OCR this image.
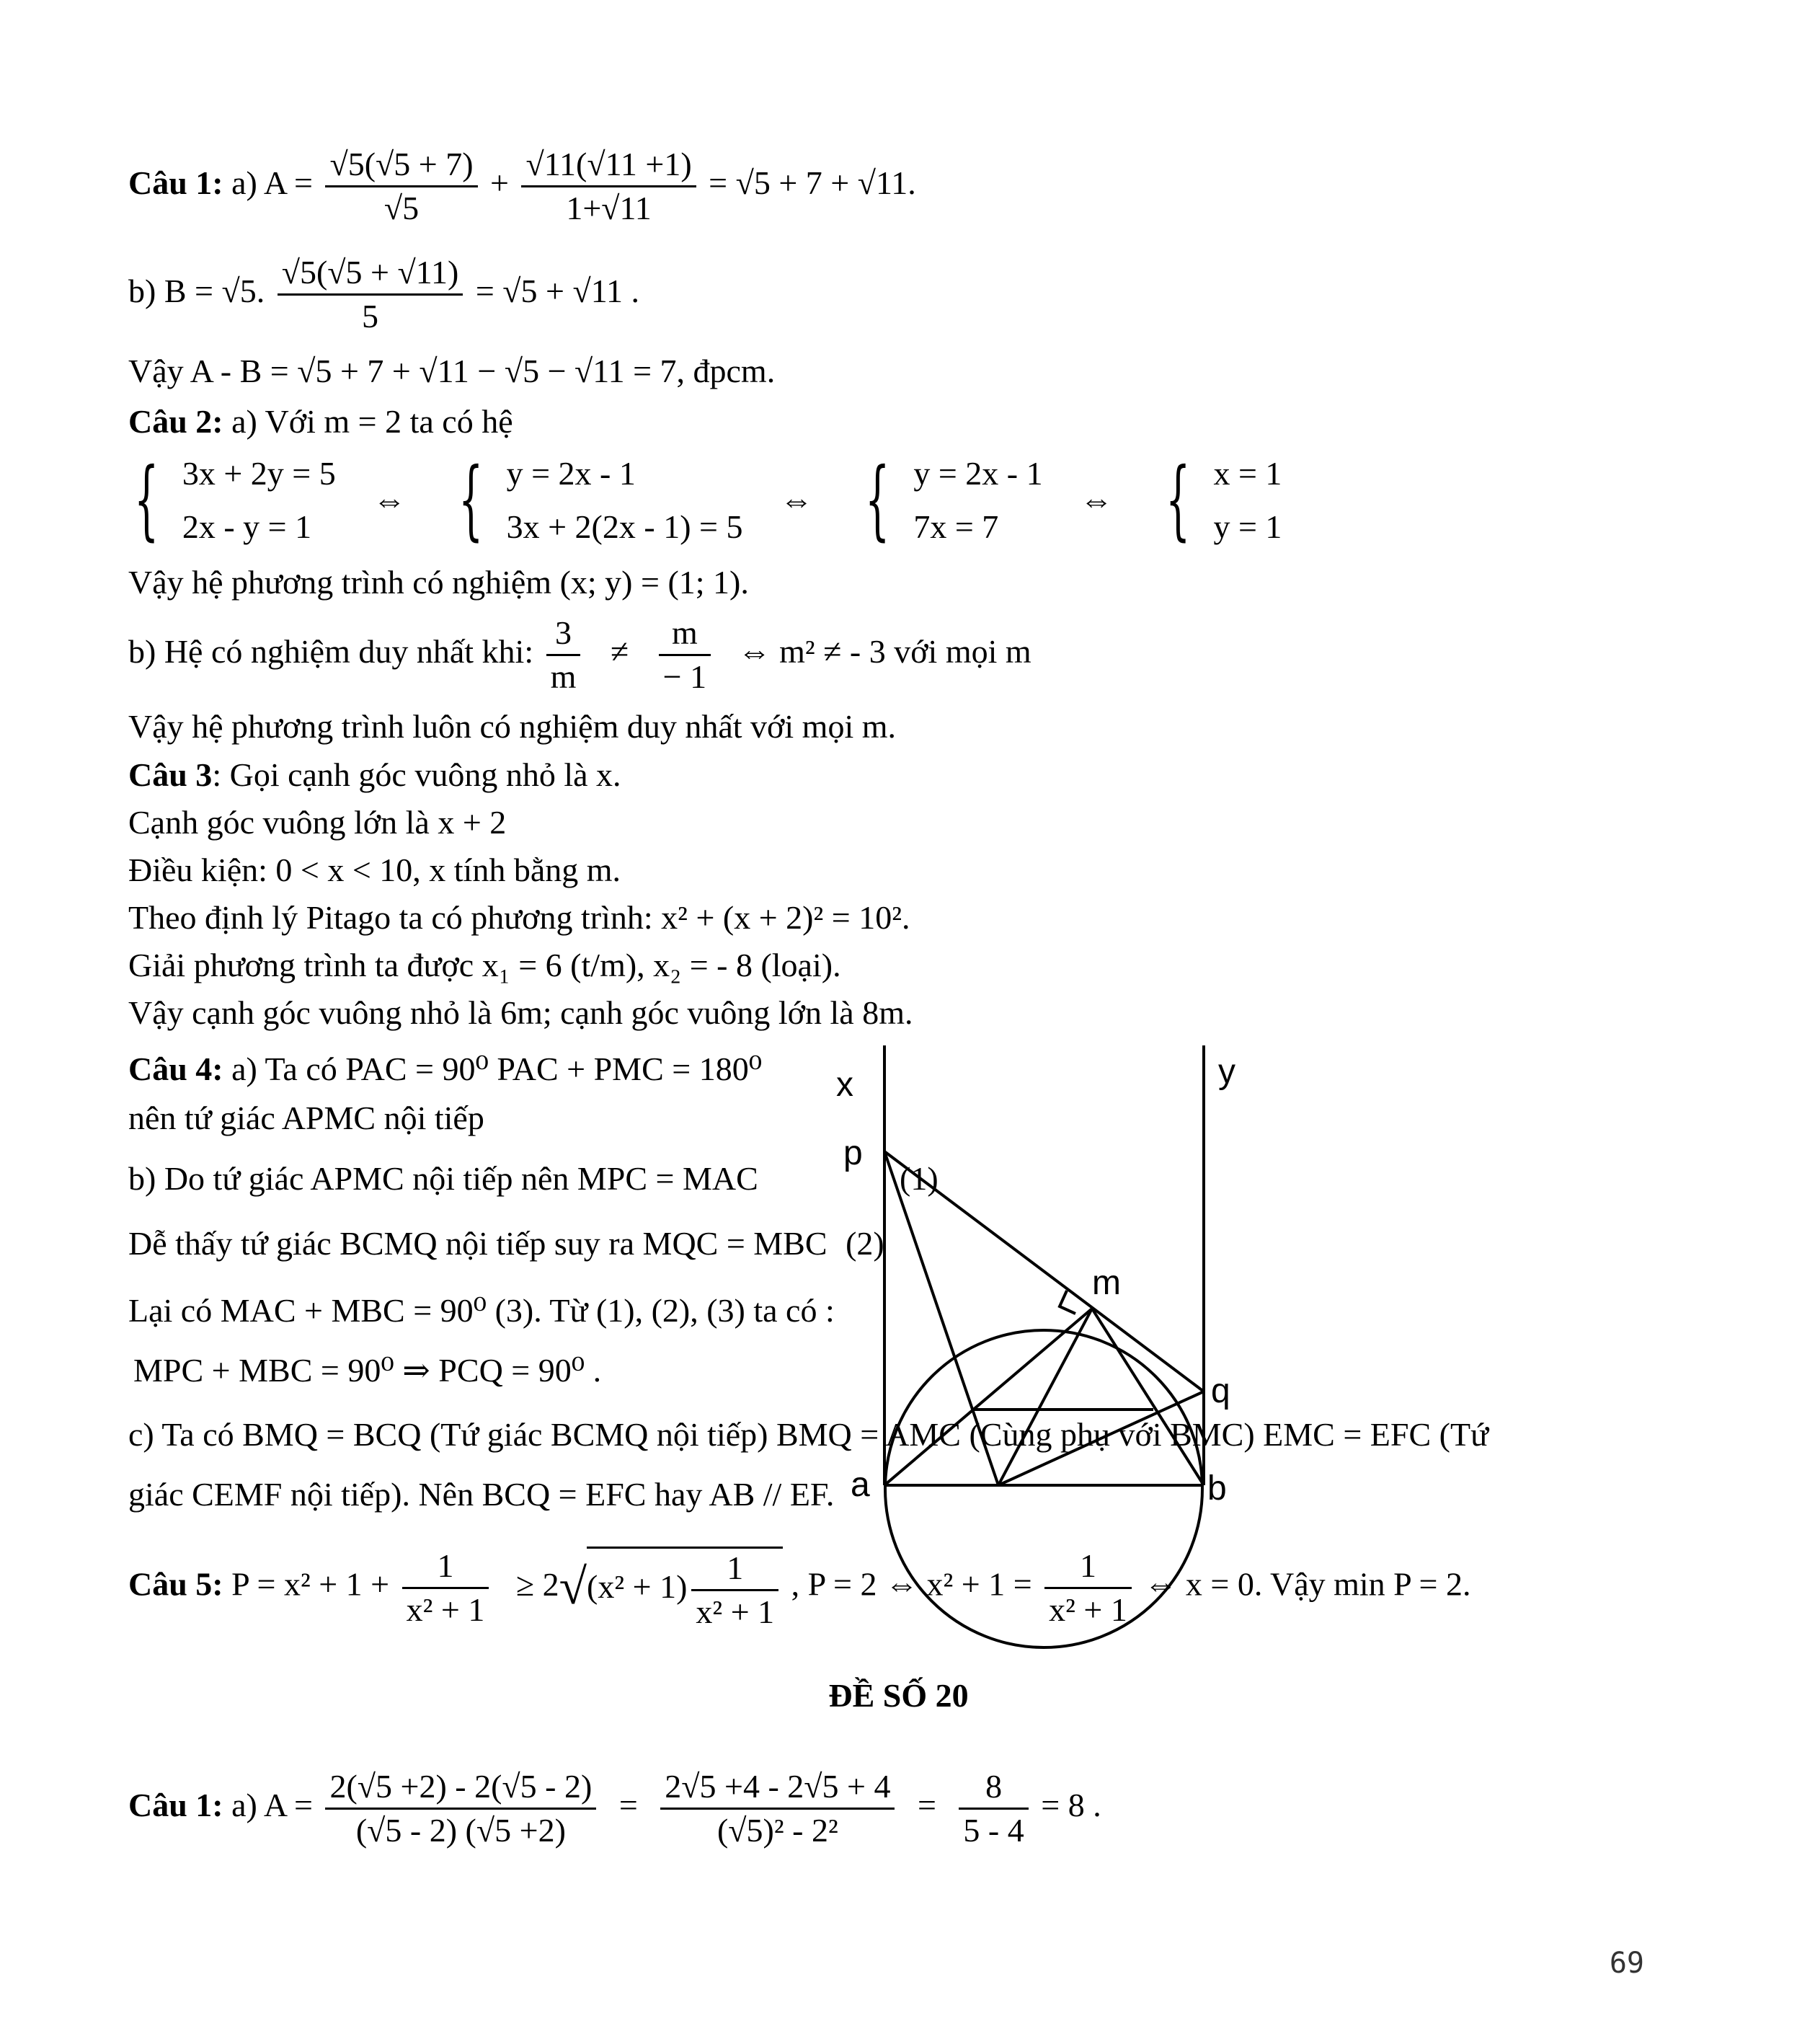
Câu 1: a) $A = \frac{√5(√5 + 7)}{√5} + \frac{√11(√11 +1)}{1+√11} = √5 + 7 + √11$.
b) B = √5. $\frac{√5(√5 + √11)}{5} = √5 + √11$ .
Vậy A - B = √5 + 7 + √11 − √5 − √11 = 7, đpcm.
Câu 2: a) Với m = 2 ta có hệ
{ 3x + 2y = 5
2x - y = 1
⇔ { y = 2x - 1
3x + 2(2x - 1) = 5
⇔ { y = 2x - 1
7x = 7
⇔ { x = 1
y = 1
Vậy hệ phương trình có nghiệm (x; y) = (1; 1).
b) Hệ có nghiệm duy nhất khi: $\frac{3}{m} \ne \frac{m}{- 1}$ ⇔ m² ≠ - 3 với mọi m
Vậy hệ phương trình luôn có nghiệm duy nhất với mọi m.
Câu 3: Gọi cạnh góc vuông nhỏ là x.
Cạnh góc vuông lớn là x + 2
Điều kiện: 0 < x < 10, x tính bằng m.
Theo định lý Pitago ta có phương trình: x² + (x + 2)² = 10².
Giải phương trình ta được x₁ = 6 (t/m), x₂ = - 8 (loại).
Vậy cạnh góc vuông nhỏ là 6m; cạnh góc vuông lớn là 8m.
Câu 4: a) Ta có PAC = 90⁰ PAC + PMC = 180⁰
nên tứ giác APMC nội tiếp
b) Do tứ giác APMC nội tiếp nên MPC = MAC	(1)
Dễ thấy tứ giác BCMQ nội tiếp suy ra MQC = MBC (2)
Lại có MAC + MBC = 90⁰ (3). Từ (1), (2), (3) ta có :
MPC + MBC = 90⁰ ⇒ PCQ = 90⁰ .
c) Ta có BMQ = BCQ (Tứ giác BCMQ nội tiếp) BMQ = AMC (Cùng phụ với BMC) EMC = EFC (Tứ
giác CEMF nội tiếp). Nên BCQ = EFC hay AB // EF.
x	y
p
m
q
a	b
Câu 5: $P = x^2 + 1 + \frac{1}{\text{x² + 1}} \ge 2√(x^2 + 1) \frac{1}{\text{x² + 1}}$ , P = 2 ⇔ $x^2 + 1 = \frac{1}{\text{x² + 1}}$ ⇔ x = 0. Vậy min P = 2.
ĐỀ SỐ 20
Câu 1: a) $A = \frac{2(√5 +2) - 2(√5 - 2)}{(√5 - 2) (√5 +2)} = \frac{2√5 +4 - 2√5 + 4}{\text{(√5)² - 2²}} = \frac{8}{5 - 4} = 8$ .
69
